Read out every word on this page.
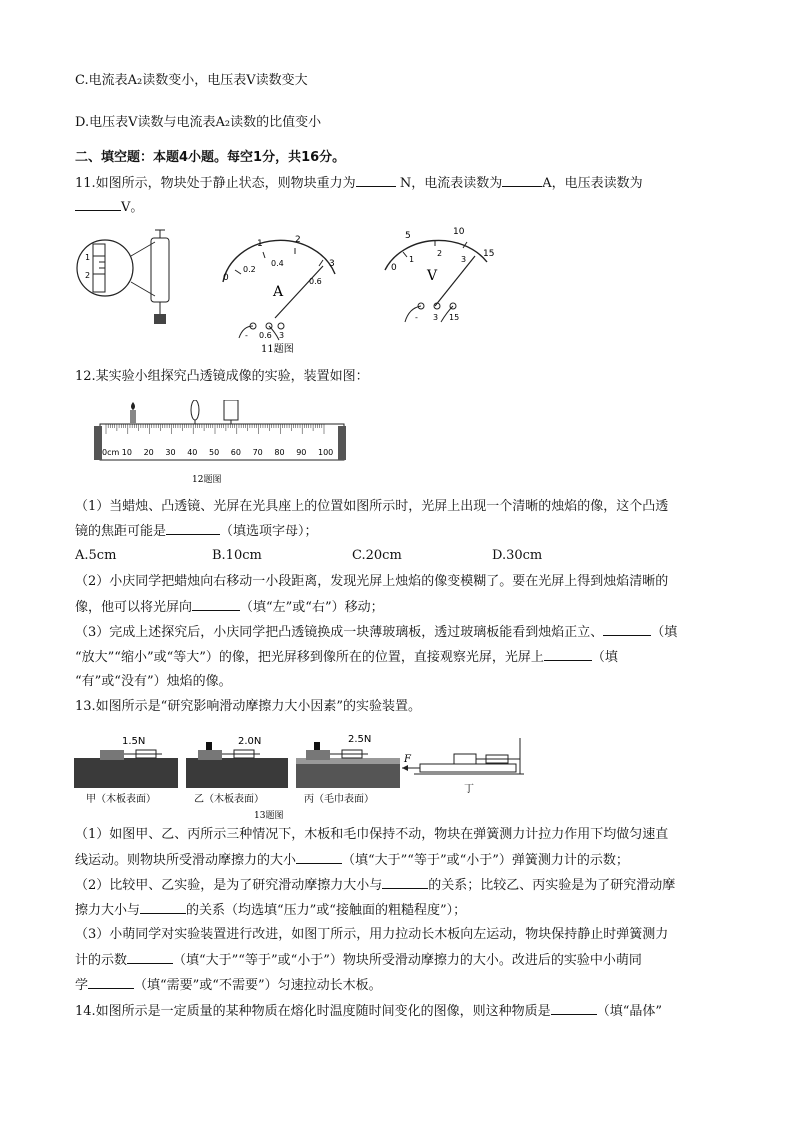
C.电流表A₂读数变小，电压表V读数变大
D.电压表V读数与电流表A₂读数的比值变小
二、填空题：本题4小题。每空1分，共16分。
11.如图所示，物块处于静止状态，则物块重力为	N，电流表读数为	A，电压表读数为
V。
1
2	0
0.2
0.4
0.6
1	2
3
A
- 0.6 3
11题图
0
5	10
15
1
2
3
V
- 3 15
12.某实验小组探究凸透镜成像的实验，装置如图：
12题图
0cm 10 20 30 40 50 60 70 80 90 100
（1）当蜡烛、凸透镜、光屏在光具座上的位置如图所示时，光屏上出现一个清晰的烛焰的像，这个凸透
镜的焦距可能是	（填选项字母）；
A.5cm	B.10cm	C.20cm	D.30cm
（2）小庆同学把蜡烛向右移动一小段距离，发现光屏上烛焰的像变模糊了。要在光屏上得到烛焰清晰的
像，他可以将光屏向	（填“左”或“右”）移动；
（3）完成上述探究后，小庆同学把凸透镜换成一块薄玻璃板，透过玻璃板能看到烛焰正立、	（填
“放大”“缩小”或“等大”）的像，把光屏移到像所在的位置，直接观察光屏，光屏上	（填
“有”或“没有”）烛焰的像。
13.如图所示是“研究影响滑动摩擦力大小因素”的实验装置。
1.5N
甲（木板表面）
2.0N
乙（木板表面）
2.5N
丙（毛巾表面）
F
丁
13题图
（1）如图甲、乙、丙所示三种情况下，木板和毛巾保持不动，物块在弹簧测力计拉力作用下均做匀速直
线运动。则物块所受滑动摩擦力的大小	（填“大于”“等于”或“小于”）弹簧测力计的示数；
（2）比较甲、乙实验，是为了研究滑动摩擦力大小与	的关系；比较乙、丙实验是为了研究滑动摩
擦力大小与	的关系（均选填“压力”或“接触面的粗糙程度”）；
（3）小萌同学对实验装置进行改进，如图丁所示，用力拉动长木板向左运动，物块保持静止时弹簧测力
计的示数	（填“大于”“等于”或“小于”）物块所受滑动摩擦力的大小。改进后的实验中小萌同
学	（填“需要”或“不需要”）匀速拉动长木板。
14.如图所示是一定质量的某种物质在熔化时温度随时间变化的图像，则这种物质是	（填“晶体”
